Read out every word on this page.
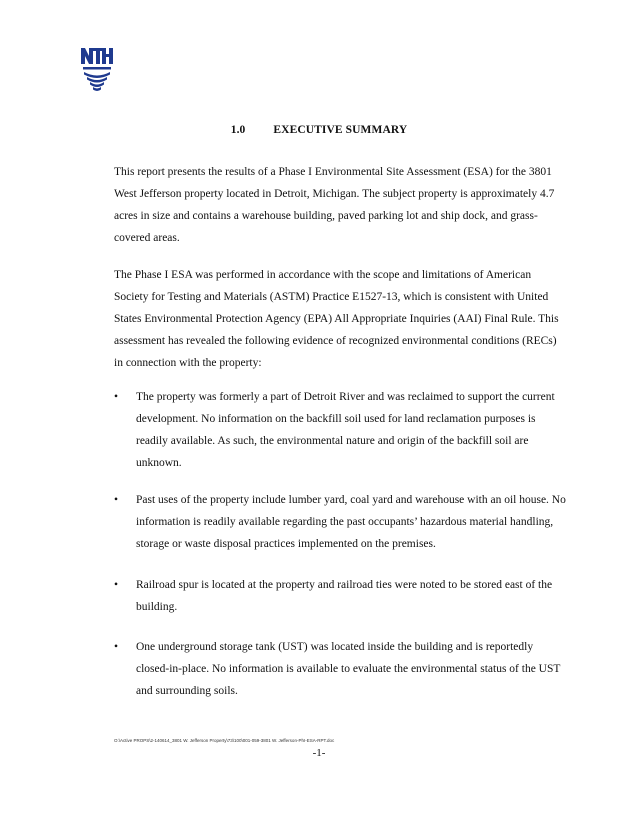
1.0 EXECUTIVE SUMMARY

This report presents the results of a Phase I Environmental Site Assessment (ESA) for the 3801 West Jefferson property located in Detroit, Michigan. The subject property is approximately 4.7 acres in size and contains a warehouse building, paved parking lot and ship dock, and grass-covered areas.

The Phase I ESA was performed in accordance with the scope and limitations of American Society for Testing and Materials (ASTM) Practice E1527-13, which is consistent with United States Environmental Protection Agency (EPA) All Appropriate Inquiries (AAI) Final Rule. This assessment has revealed the following evidence of recognized environmental conditions (RECs) in connection with the property:

• The property was formerly a part of Detroit River and was reclaimed to support the current development. No information on the backfill soil used for land reclamation purposes is readily available. As such, the environmental nature and origin of the backfill soil are unknown.

• Past uses of the property include lumber yard, coal yard and warehouse with an oil house. No information is readily available regarding the past occupants’ hazardous material handling, storage or waste disposal practices implemented on the premises.

• Railroad spur is located at the property and railroad ties were noted to be stored east of the building.

• One underground storage tank (UST) was located inside the building and is reportedly closed-in-place. No information is available to evaluate the environmental status of the UST and surrounding soils.

O:\Active PROPS\2-140614_3801 W. Jefferson Property\73\100\001-059-3801 W. Jefferson-PhI-ESA-RPT.doc
-1-
